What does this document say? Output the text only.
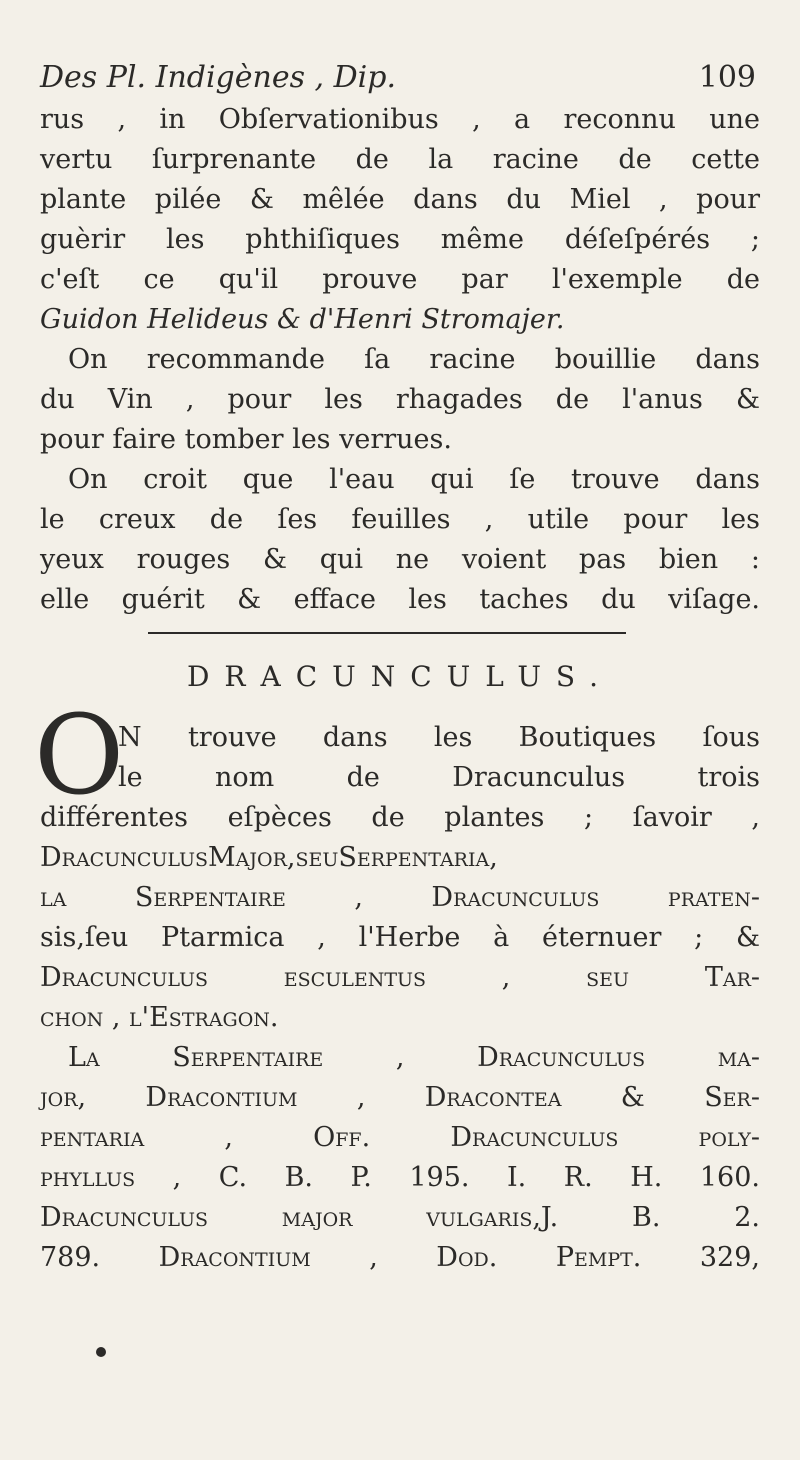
Des Pl. Indigènes , Dip.	109
rus , in Obſervationibus , a reconnu une
vertu ſurprenante de la racine de cette
plante pilée & mêlée dans du Miel , pour
guèrir les phthiſiques même déſeſpérés ;
c'eſt ce qu'il prouve par l'exemple de
Guidon Helideus & d'Henri Stromajer.
On recommande ſa racine bouillie dans
du Vin , pour les rhagades de l'anus &
pour faire tomber les verrues.
On croit que l'eau qui ſe trouve dans
le creux de ſes feuilles , utile pour les
yeux rouges & qui ne voient pas bien :
elle guérit & efface les taches du viſage.
DRACUNCULUS.
O
N trouve dans les Boutiques ſous
le nom de Dracunculus trois
différentes eſpèces de plantes ; ſavoir ,
DracunculusMajor,ſeuSerpentaria,
la Serpentaire , Dracunculus praten-
sis,ſeu Ptarmica , l'Herbe à éternuer ; &
Dracunculus esculentus , ſeu Tar-
chon , l'Eſtragon.
La Serpentaire , Dracunculus ma-
jor, Dracontium , Dracontea & Ser-
pentaria , Off. Dracunculus poly-
phyllus , C. B. P. 195. I. R. H. 160.
Dracunculus major vulgaris,J. B. 2.
789. Dracontium , Dod. Pempt. 329,
